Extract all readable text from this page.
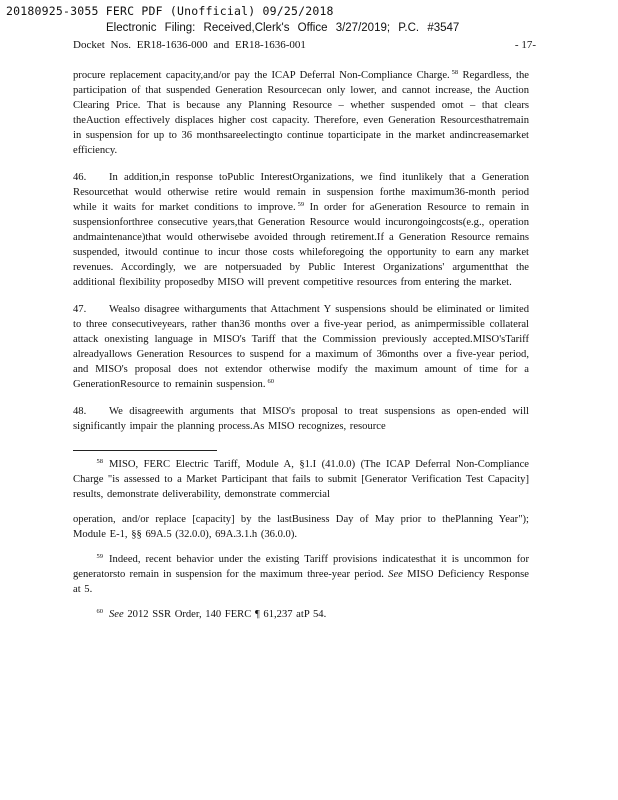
20180925-3055 FERC PDF (Unofficial) 09/25/2018
Electronic Filing: Received,Clerk's Office 3/27/2019; P.C. #3547
Docket Nos. ER18-1636-000 and ER18-1636-001	- 17-

procure replacement capacity,and/or pay the ICAP Deferral Non-Compliance Charge. $^{58}$ Regardless, the participation of that suspended Generation Resourcecan only lower, and cannot increase, the Auction Clearing Price. That is because any Planning Resource – whether suspended omot – that clears theAuction effectively displaces higher cost capacity. Therefore, even Generation Resourcesthatremain in suspension for up to 36 monthsareelectingto continue toparticipate in the market andincreasemarket efficiency.

46. In addition,in response toPublic InterestOrganizations, we find itunlikely that a Generation Resourcethat would otherwise retire would remain in suspension forthe maximum36-month period while it waits for market conditions to improve. $^{59}$ In order for aGeneration Resource to remain in suspensionforthree consecutive years,that Generation Resource would incurongoingcosts(e.g., operation andmaintenance)that would otherwisebe avoided through retirement.If a Generation Resource remains suspended, itwould continue to incur those costs whileforegoing the opportunity to earn any market revenues. Accordingly, we are notpersuaded by Public Interest Organizations' argumentthat the additional flexibility proposedby MISO will prevent competitive resources from entering the market.

47. Wealso disagree witharguments that Attachment Y suspensions should be eliminated or limited to three consecutiveyears, rather than36 months over a five-year period, as animpermissible collateral attack onexisting language in MISO's Tariff that the Commission previously accepted.MISO'sTariff alreadyallows Generation Resources to suspend for a maximum of 36months over a five-year period, and MISO's proposal does not extendor otherwise modify the maximum amount of time for a GenerationResource to remainin suspension. $^{60}$

48. We disagreewith arguments that MISO's proposal to treat suspensions as open-ended will significantly impair the planning process.As MISO recognizes, resource

$^{58}$ MISO, FERC Electric Tariff, Module A, §1.I (41.0.0) (The ICAP Deferral Non-Compliance Charge "is assessed to a Market Participant that fails to submit [Generator Verification Test Capacity] results, demonstrate deliverability, demonstrate commercial

operation, and/or replace [capacity] by the lastBusiness Day of May prior to thePlanning Year"); Module E-1, §§ 69A.5 (32.0.0), 69A.3.1.h (36.0.0).

$^{59}$ Indeed, recent behavior under the existing Tariff provisions indicatesthat it is uncommon for generatorsto remain in suspension for the maximum three-year period. See MISO Deficiency Response at 5.

$^{60}$ See 2012 SSR Order, 140 FERC ¶ 61,237 atP 54.
